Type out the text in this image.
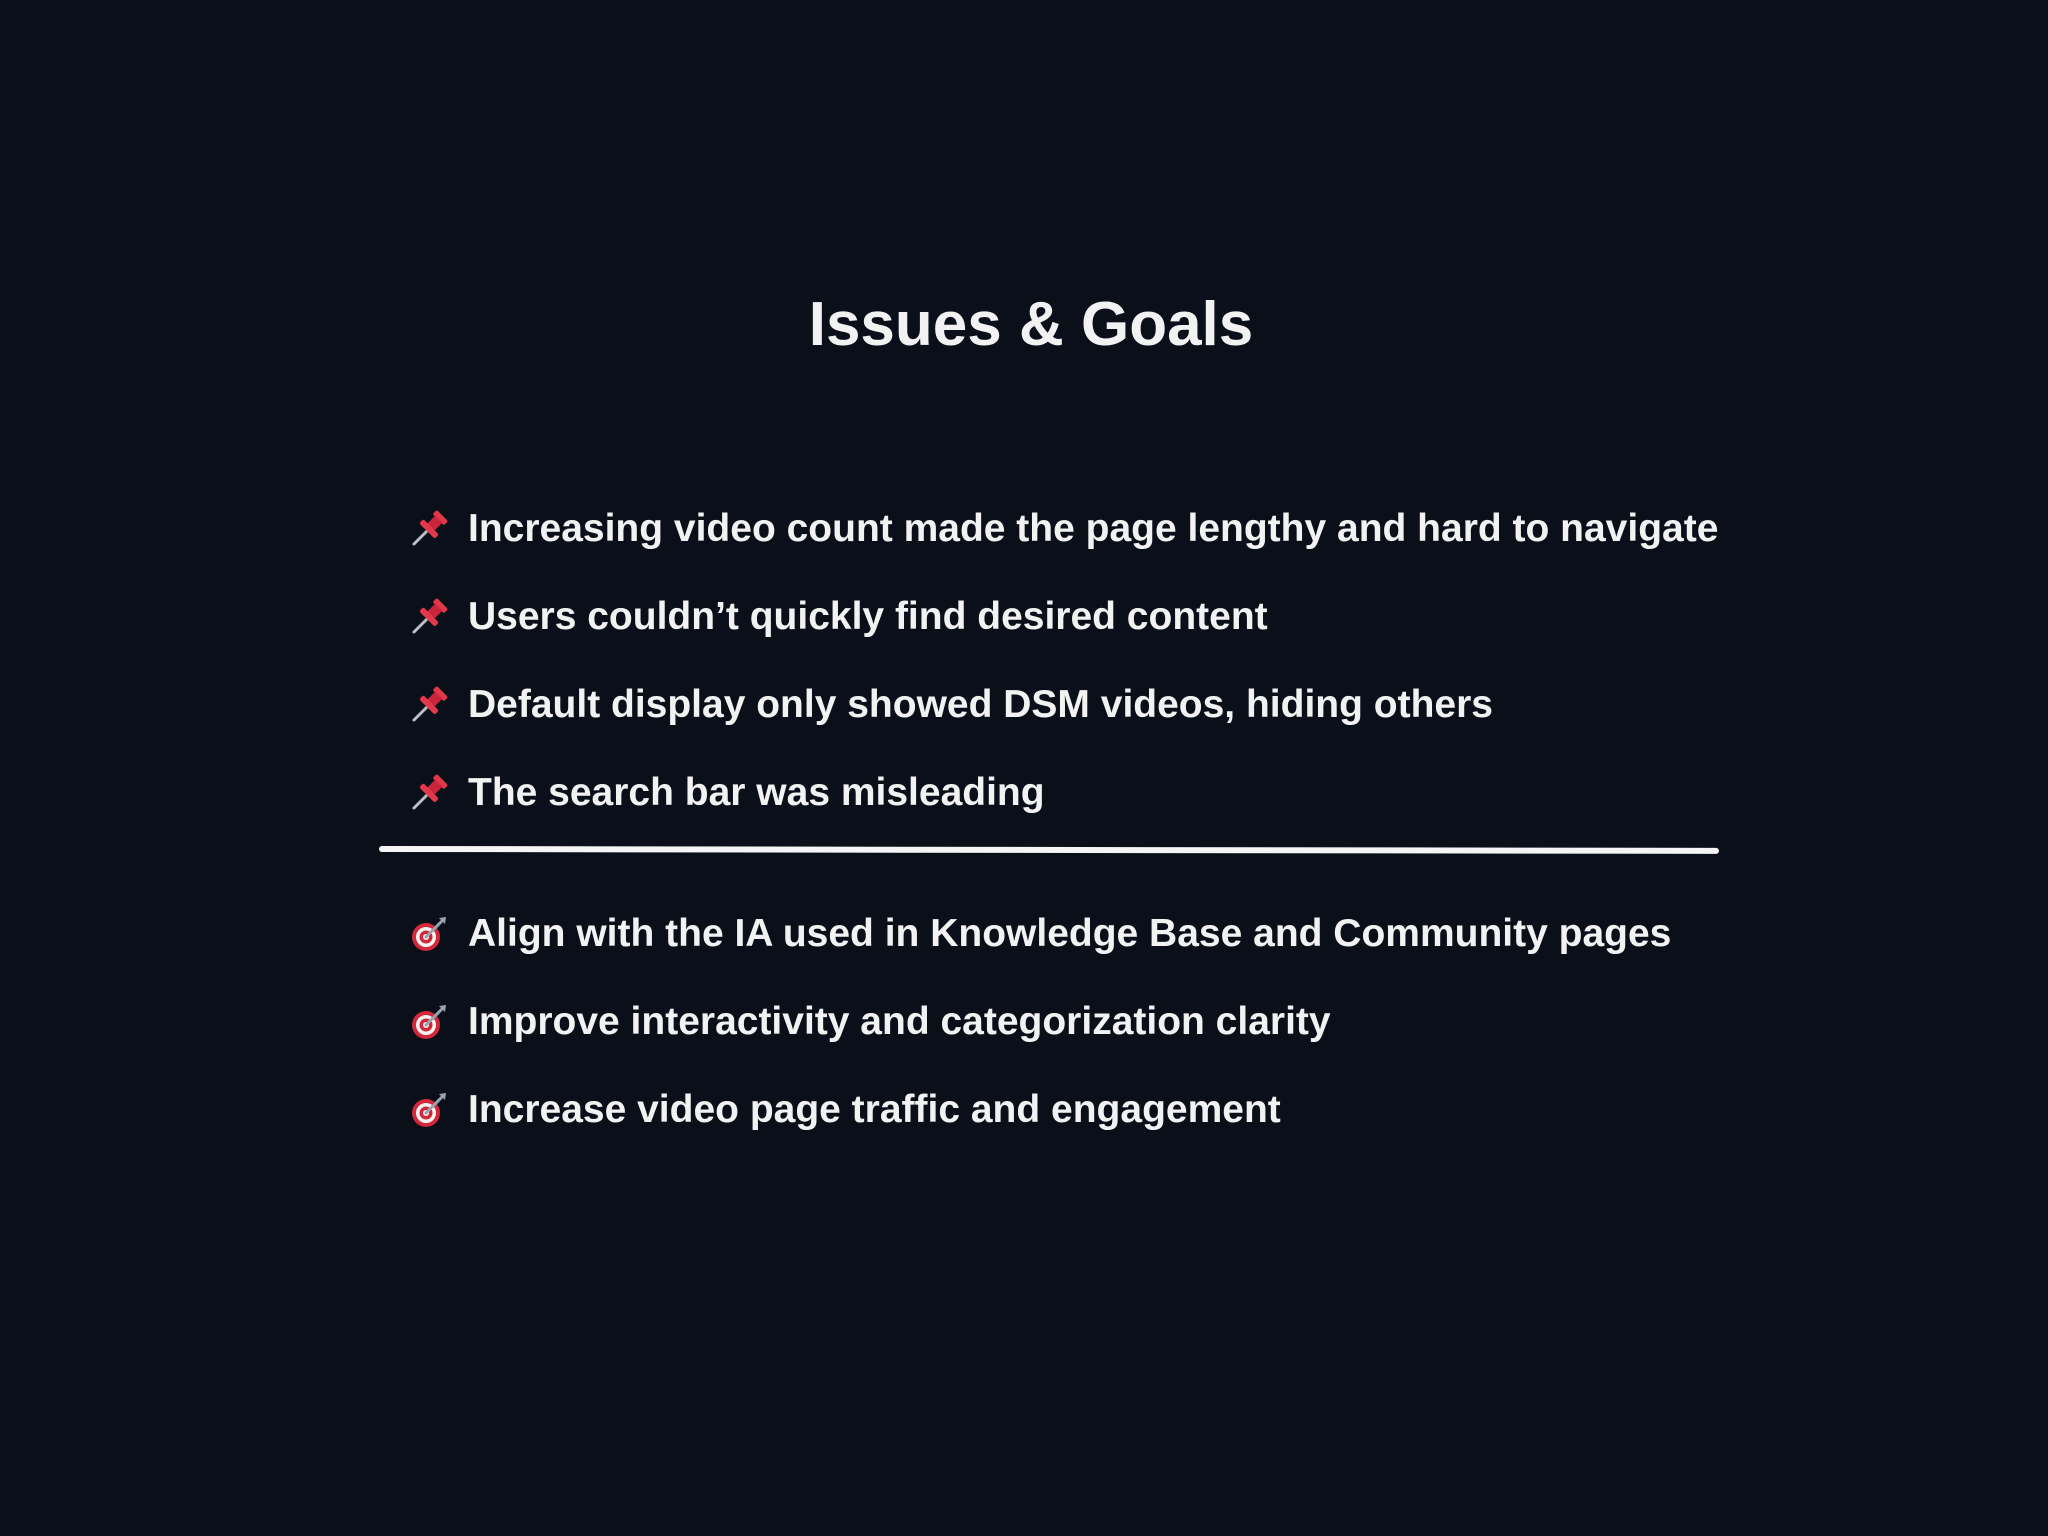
Issues & Goals
Increasing video count made the page lengthy and hard to navigate
Users couldn’t quickly find desired content
Default display only showed DSM videos, hiding others
The search bar was misleading
Align with the IA used in Knowledge Base and Community pages
Improve interactivity and categorization clarity
Increase video page traffic and engagement
